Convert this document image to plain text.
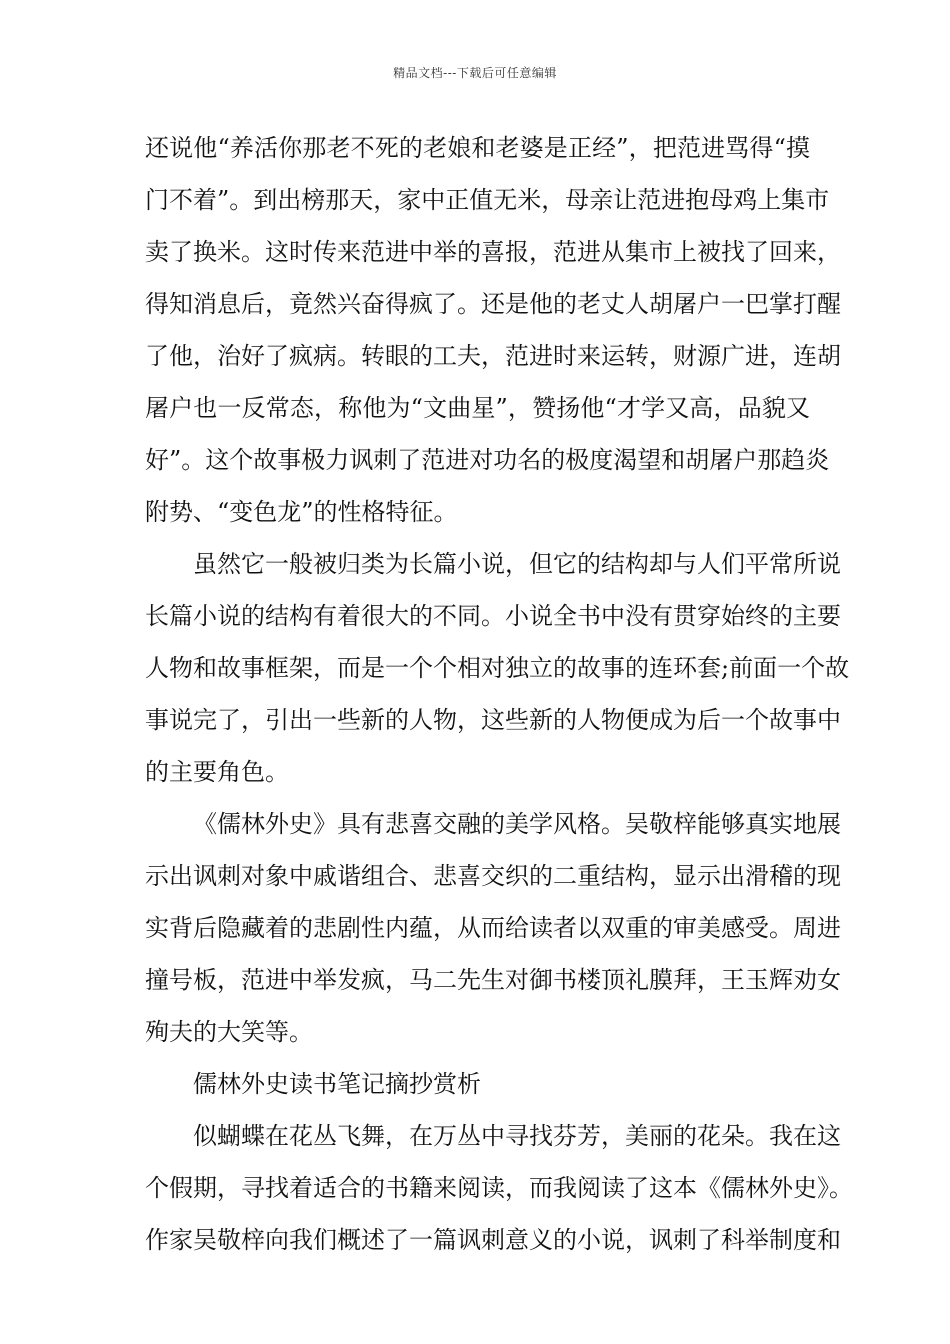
精品文档---下载后可任意编辑
还说他“养活你那老不死的老娘和老婆是正经”，把范进骂得“摸
门不着”。到出榜那天，家中正值无米，母亲让范进抱母鸡上集市
卖了换米。这时传来范进中举的喜报，范进从集市上被找了回来，
得知消息后，竟然兴奋得疯了。还是他的老丈人胡屠户一巴掌打醒
了他，治好了疯病。转眼的工夫，范进时来运转，财源广进，连胡
屠户也一反常态，称他为“文曲星”，赞扬他“才学又高，品貌又
好”。这个故事极力讽刺了范进对功名的极度渴望和胡屠户那趋炎
附势、“变色龙”的性格特征。
虽然它一般被归类为长篇小说，但它的结构却与人们平常所说
长篇小说的结构有着很大的不同。小说全书中没有贯穿始终的主要
人物和故事框架，而是一个个相对独立的故事的连环套;前面一个故
事说完了，引出一些新的人物，这些新的人物便成为后一个故事中
的主要角色。
《儒林外史》具有悲喜交融的美学风格。吴敬梓能够真实地展
示出讽刺对象中戚谐组合、悲喜交织的二重结构，显示出滑稽的现
实背后隐藏着的悲剧性内蕴，从而给读者以双重的审美感受。周进
撞号板，范进中举发疯，马二先生对御书楼顶礼膜拜，王玉辉劝女
殉夫的大笑等。
儒林外史读书笔记摘抄赏析
似蝴蝶在花丛飞舞，在万丛中寻找芬芳，美丽的花朵。我在这
个假期，寻找着适合的书籍来阅读，而我阅读了这本《儒林外史》。
作家吴敬梓向我们概述了一篇讽刺意义的小说，讽刺了科举制度和
